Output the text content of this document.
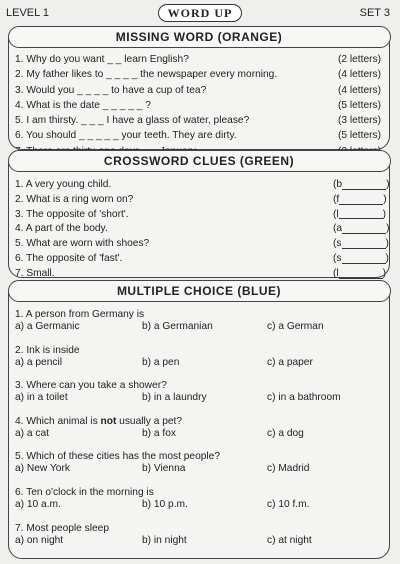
LEVEL 1	WORD UP	SET 3
MISSING WORD (ORANGE)
1. Why do you want _ _ learn English?	(2 letters)
2. My father likes to _ _ _ _ the newspaper every morning.	(4 letters)
3. Would you _ _ _ _ to have a cup of tea?	(4 letters)
4. What is the date _ _ _ _ _ ?	(5 letters)
5. I am thirsty. _ _ _ I have a glass of water, please?	(3 letters)
6. You should _ _ _ _ _ your teeth. They are dirty.	(5 letters)
CROSSWORD CLUES (GREEN)
1. A very young child.	(b	)
2. What is a ring worn on?	(f	)
3. The opposite of 'short'.	(l	)
4. A part of the body.	(a	)
5. What are worn with shoes?	(s	)
6. The opposite of 'fast'.	(s	)
7. Small.	(l	)
MULTIPLE CHOICE (BLUE)
1. A person from Germany is
a) a Germanic	b) a Germanian	c) a German
2. Ink is inside
a) a pencil	b) a pen	c) a paper
3. Where can you take a shower?
a) in a toilet	b) in a laundry	c) in a bathroom
4. Which animal is not usually a pet?
a) a cat	b) a fox	c) a dog
5. Which of these cities has the most people?
a) New York	b) Vienna	c) Madrid
6. Ten o'clock in the morning is
a) 10 a.m.	b) 10 p.m.	c) 10 f.m.
7. Most people sleep
a) on night	b) in night	c) at night
